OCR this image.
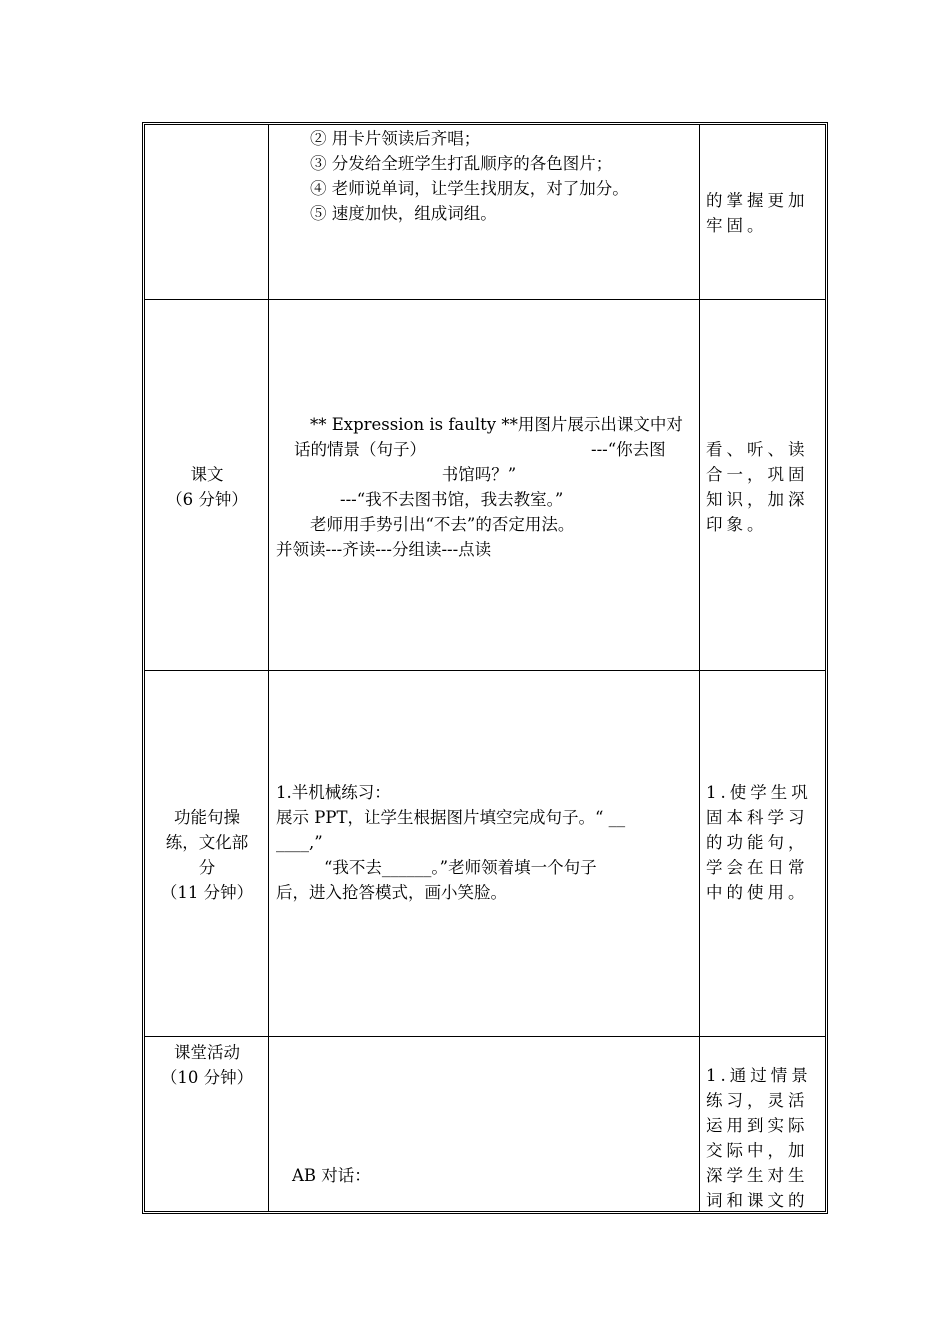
② 用卡片领读后齐唱；
③ 分发给全班学生打乱顺序的各色图片；
④ 老师说单词，让学生找朋友，对了加分。
⑤ 速度加快，组成词组。
的掌握更加
牢固。
课文
（6 分钟）
** Expression is faulty **用图片展示出课文中对
话的情景（句子）	---“你去图
书馆吗？”
---“我不去图书馆，我去教室。”
老师用手势引出“不去”的否定用法。
并领读---齐读---分组读---点读
看、听、读
合一，巩固
知识，加深
印象。
功能句操
练，文化部
分
（11 分钟）
1.半机械练习：
展示 PPT，让学生根据图片填空完成句子。“ __
____,”
“我不去______。”老师领着填一个句子
后，进入抢答模式，画小笑脸。
1.使学生巩
固本科学习
的功能句，
学会在日常
中的使用。
课堂活动
（10 分钟）
AB 对话：
1.通过情景
练习，灵活
运用到实际
交际中，加
深学生对生
词和课文的
